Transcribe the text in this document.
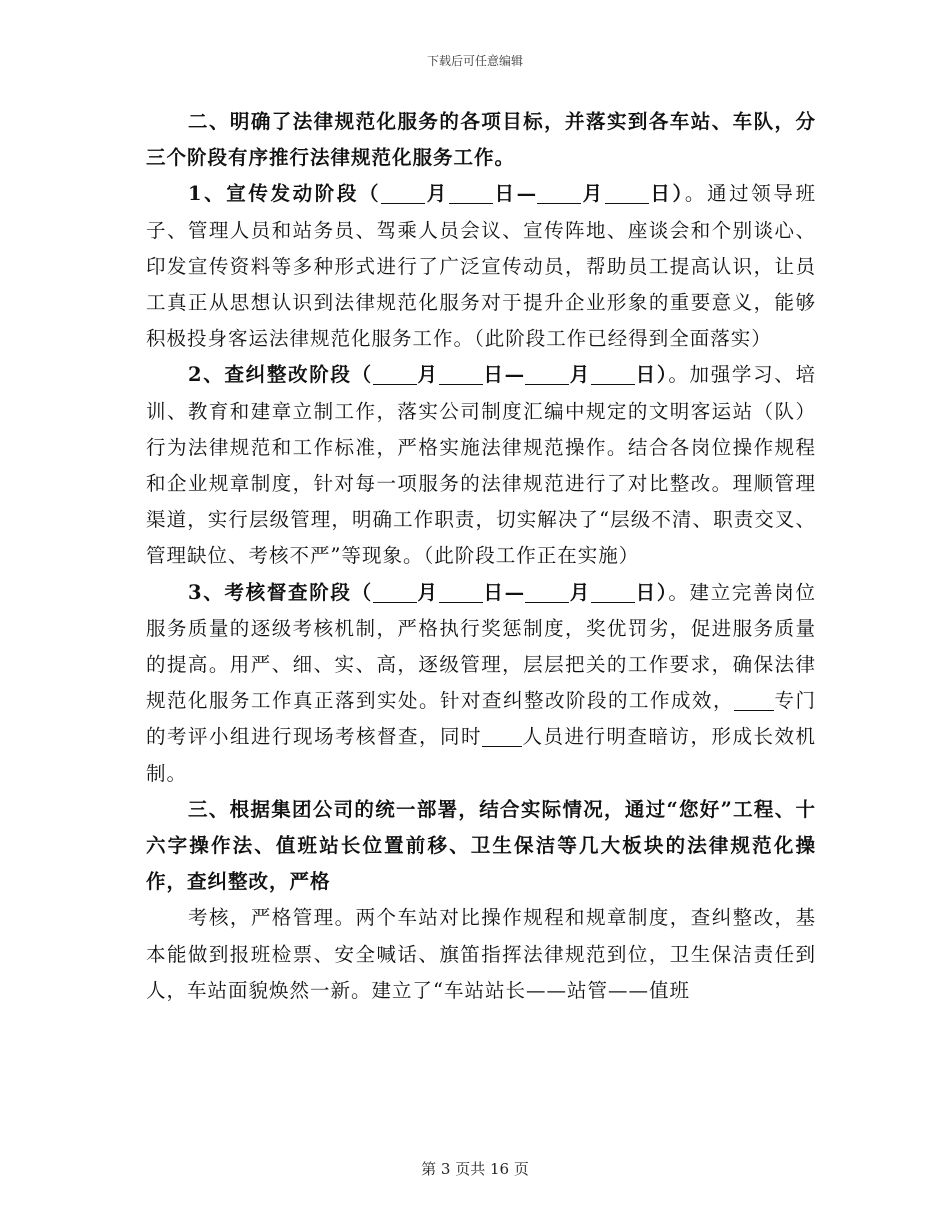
下载后可任意编辑

二、明确了法律规范化服务的各项目标，并落实到各车站、车队，分三个阶段有序推行法律规范化服务工作。

1、宣传发动阶段（ 月 日— 月 日）。通过领导班子、管理人员和站务员、驾乘人员会议、宣传阵地、座谈会和个别谈心、印发宣传资料等多种形式进行了广泛宣传动员，帮助员工提高认识，让员工真正从思想认识到法律规范化服务对于提升企业形象的重要意义，能够积极投身客运法律规范化服务工作。（此阶段工作已经得到全面落实）

2、查纠整改阶段（ 月 日— 月 日）。加强学习、培训、教育和建章立制工作，落实公司制度汇编中规定的文明客运站（队）行为法律规范和工作标准，严格实施法律规范操作。结合各岗位操作规程和企业规章制度，针对每一项服务的法律规范进行了对比整改。理顺管理渠道，实行层级管理，明确工作职责，切实解决了“层级不清、职责交叉、管理缺位、考核不严”等现象。（此阶段工作正在实施）

3、考核督查阶段（ 月 日— 月 日）。建立完善岗位服务质量的逐级考核机制，严格执行奖惩制度，奖优罚劣，促进服务质量的提高。用严、细、实、高，逐级管理，层层把关的工作要求，确保法律规范化服务工作真正落到实处。针对查纠整改阶段的工作成效， 专门的考评小组进行现场考核督查，同时 人员进行明查暗访，形成长效机制。

三、根据集团公司的统一部署，结合实际情况，通过“您好”工程、十六字操作法、值班站长位置前移、卫生保洁等几大板块的法律规范化操作，查纠整改，严格

考核，严格管理。两个车站对比操作规程和规章制度，查纠整改，基本能做到报班检票、安全喊话、旗笛指挥法律规范到位，卫生保洁责任到人，车站面貌焕然一新。建立了“车站站长——站管——值班

第 3 页共 16 页
